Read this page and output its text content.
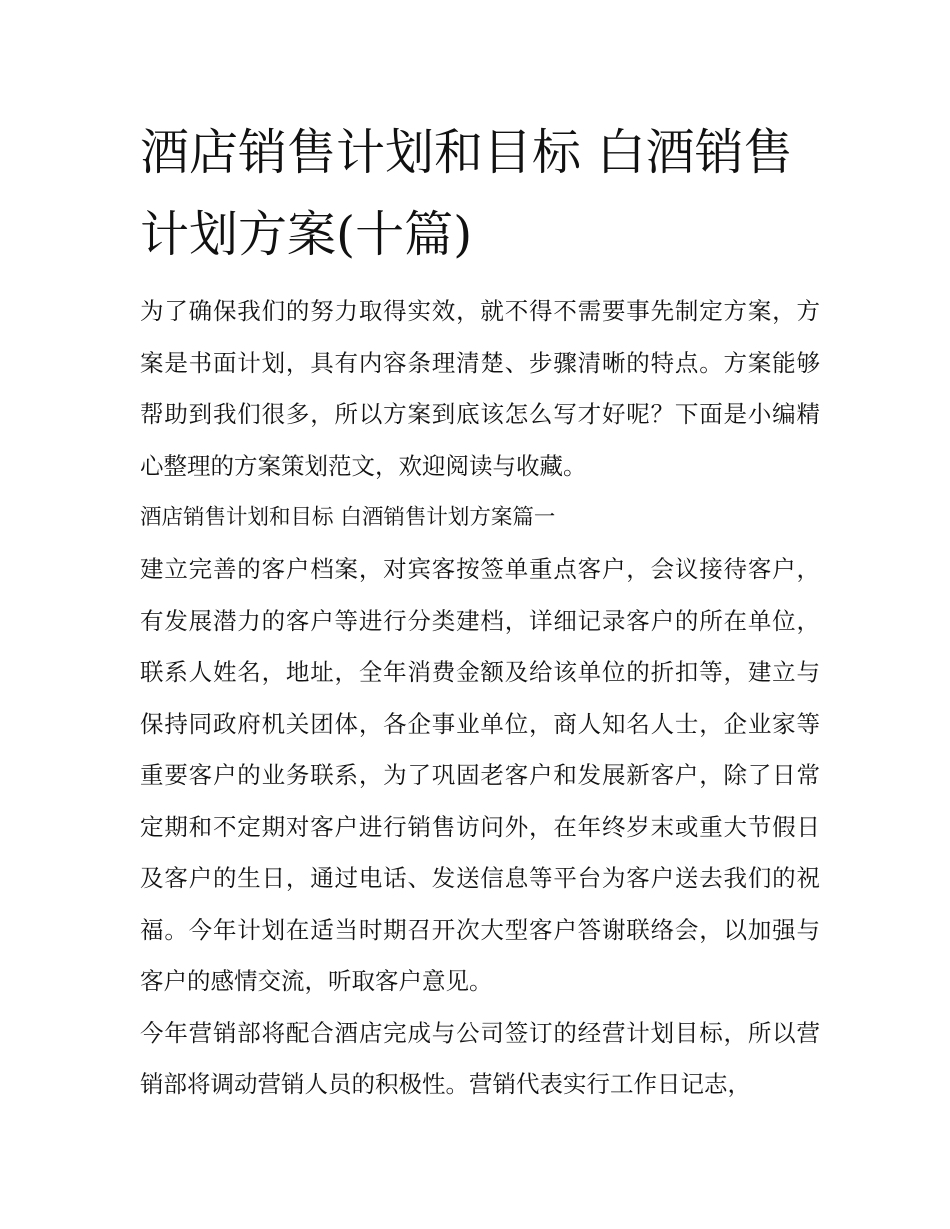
酒店销售计划和目标 白酒销售计划方案(十篇)

为了确保我们的努力取得实效，就不得不需要事先制定方案，方案是书面计划，具有内容条理清楚、步骤清晰的特点。方案能够帮助到我们很多，所以方案到底该怎么写才好呢？下面是小编精心整理的方案策划范文，欢迎阅读与收藏。

酒店销售计划和目标 白酒销售计划方案篇一

建立完善的客户档案，对宾客按签单重点客户，会议接待客户，有发展潜力的客户等进行分类建档，详细记录客户的所在单位，联系人姓名，地址，全年消费金额及给该单位的折扣等，建立与保持同政府机关团体，各企事业单位，商人知名人士，企业家等重要客户的业务联系，为了巩固老客户和发展新客户，除了日常定期和不定期对客户进行销售访问外，在年终岁末或重大节假日及客户的生日，通过电话、发送信息等平台为客户送去我们的祝福。今年计划在适当时期召开次大型客户答谢联络会，以加强与客户的感情交流，听取客户意见。

今年营销部将配合酒店完成与公司签订的经营计划目标，所以营销部将调动营销人员的积极性。营销代表实行工作日记志，
